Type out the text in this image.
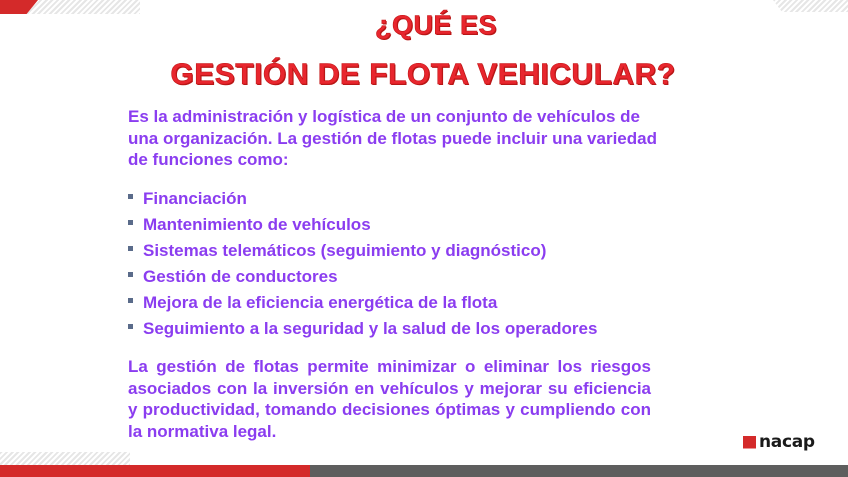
¿QUÉ ES
GESTIÓN DE FLOTA VEHICULAR?
Es la administración y logística de un conjunto de vehículos de una organización. La gestión de flotas puede incluir una variedad de funciones como:
Financiación
Mantenimiento de vehículos
Sistemas telemáticos (seguimiento y diagnóstico)
Gestión de conductores
Mejora de la eficiencia energética de la flota
Seguimiento a la seguridad y la salud de los operadores
La gestión de flotas permite minimizar o eliminar los riesgos asociados con la inversión en vehículos y mejorar su eficiencia y productividad, tomando decisiones óptimas y cumpliendo con la normativa legal.
nacap
